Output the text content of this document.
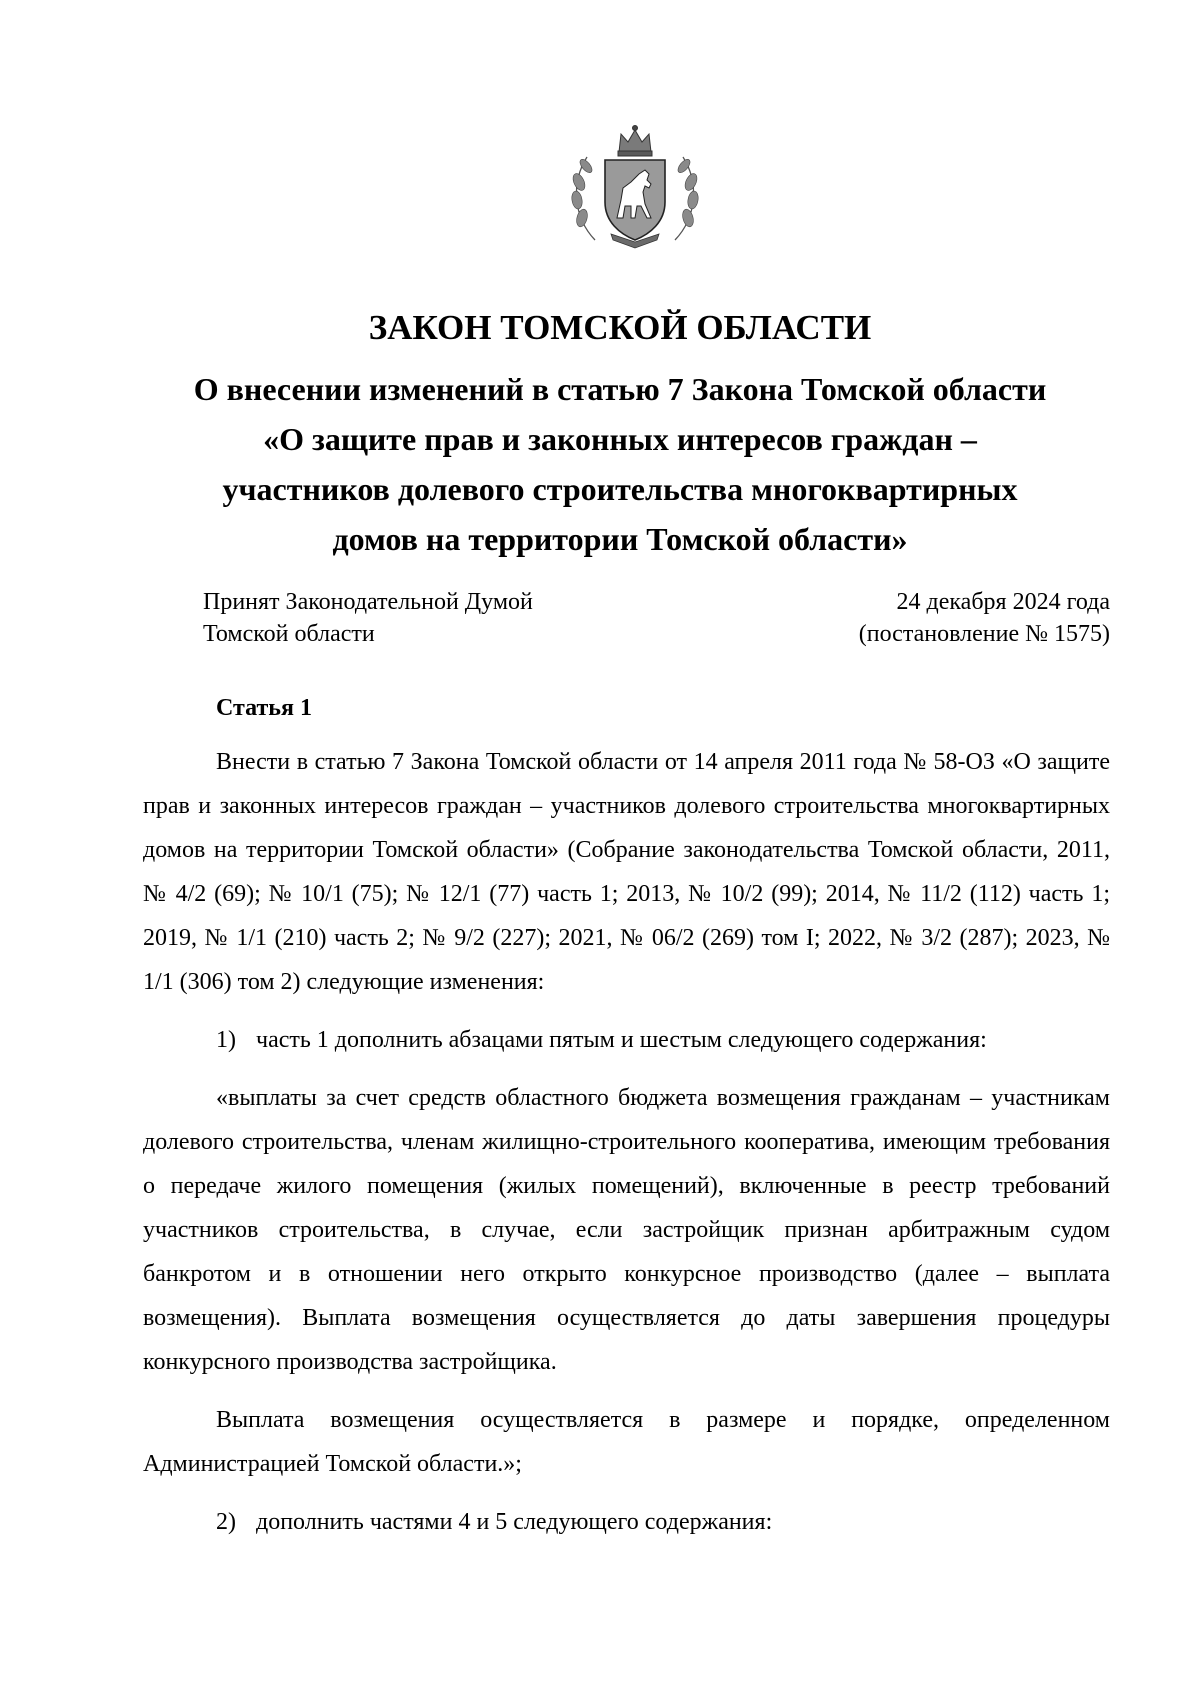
ЗАКОН ТОМСКОЙ ОБЛАСТИ
О внесении изменений в статью 7 Закона Томской области
«О защите прав и законных интересов граждан –
участников долевого строительства многоквартирных
домов на территории Томской области»
Принят Законодательной Думой
Томской области
24 декабря 2024 года
(постановление № 1575)
Статья 1

Внести в статью 7 Закона Томской области от 14 апреля 2011 года № 58-ОЗ «О защите прав и законных интересов граждан – участников долевого строительства многоквартирных домов на территории Томской области» (Собрание законодательства Томской области, 2011, № 4/2 (69); № 10/1 (75); № 12/1 (77) часть 1; 2013, № 10/2 (99); 2014, № 11/2 (112) часть 1; 2019, № 1/1 (210) часть 2; № 9/2 (227); 2021, № 06/2 (269) том I; 2022, № 3/2 (287); 2023, № 1/1 (306) том 2) следующие изменения:

1) часть 1 дополнить абзацами пятым и шестым следующего содержания:

«выплаты за счет средств областного бюджета возмещения гражданам – участникам долевого строительства, членам жилищно-строительного кооператива, имеющим требования о передаче жилого помещения (жилых помещений), включенные в реестр требований участников строительства, в случае, если застройщик признан арбитражным судом банкротом и в отношении него открыто конкурсное производство (далее – выплата возмещения). Выплата возмещения осуществляется до даты завершения процедуры конкурсного производства застройщика.

Выплата возмещения осуществляется в размере и порядке, определенном Администрацией Томской области.»;

2) дополнить частями 4 и 5 следующего содержания:
